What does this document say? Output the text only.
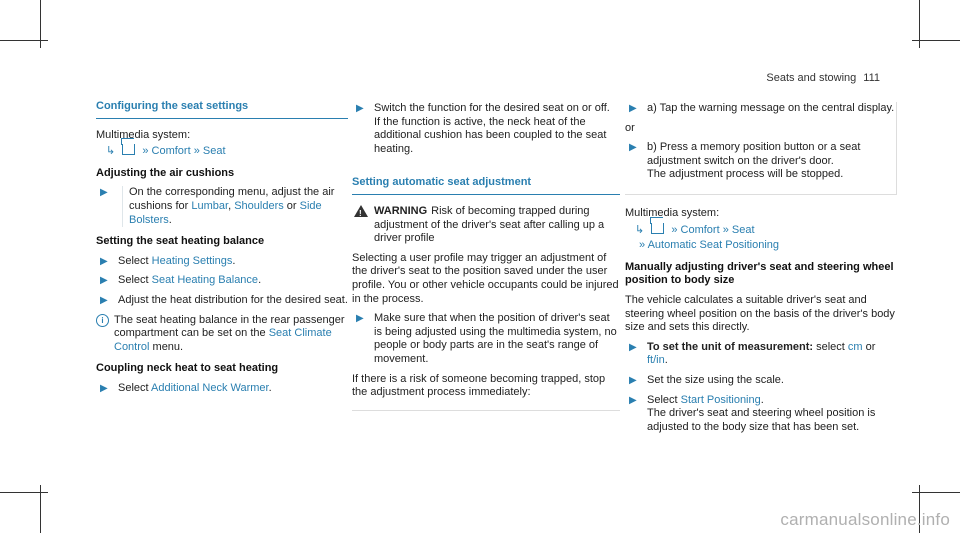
Seats and stowing 111
Configuring the seat settings
Multimedia system:
↳ » Comfort » Seat
Adjusting the air cushions
▶	On the corresponding menu, adjust the air cushions for Lumbar, Shoulders or Side Bolsters.
Setting the seat heating balance
▶ Select Heating Settings.
▶ Select Seat Heating Balance.
▶ Adjust the heat distribution for the desired seat.
i The seat heating balance in the rear passenger compartment can be set on the Seat Climate Control menu.
Coupling neck heat to seat heating
▶ Select Additional Neck Warmer.
▶ Switch the function for the desired seat on or off.
If the function is active, the neck heat of the additional cushion has been coupled to the seat heating.
Setting automatic seat adjustment
!
WARNING Risk of becoming trapped during adjustment of the driver's seat after calling up a driver profile
Selecting a user profile may trigger an adjustment of the driver's seat to the position saved under the user profile. You or other vehicle occupants could be injured in the process.
▶ Make sure that when the position of driver's seat is being adjusted using the multimedia system, no people or body parts are in the seat's range of movement.
If there is a risk of someone becoming trapped, stop the adjustment process immediately:
▶ a) Tap the warning message on the central display.
or
▶ b) Press a memory position button or a seat adjustment switch on the driver's door.
The adjustment process will be stopped.
Multimedia system:
↳ » Comfort » Seat
» Automatic Seat Positioning
Manually adjusting driver's seat and steering wheel position to body size
The vehicle calculates a suitable driver's seat and steering wheel position on the basis of the driver's body size and sets this directly.
▶ To set the unit of measurement: select cm or ft/in.
▶ Set the size using the scale.
▶ Select Start Positioning.
The driver's seat and steering wheel position is adjusted to the body size that has been set.
carmanualsonline.info
